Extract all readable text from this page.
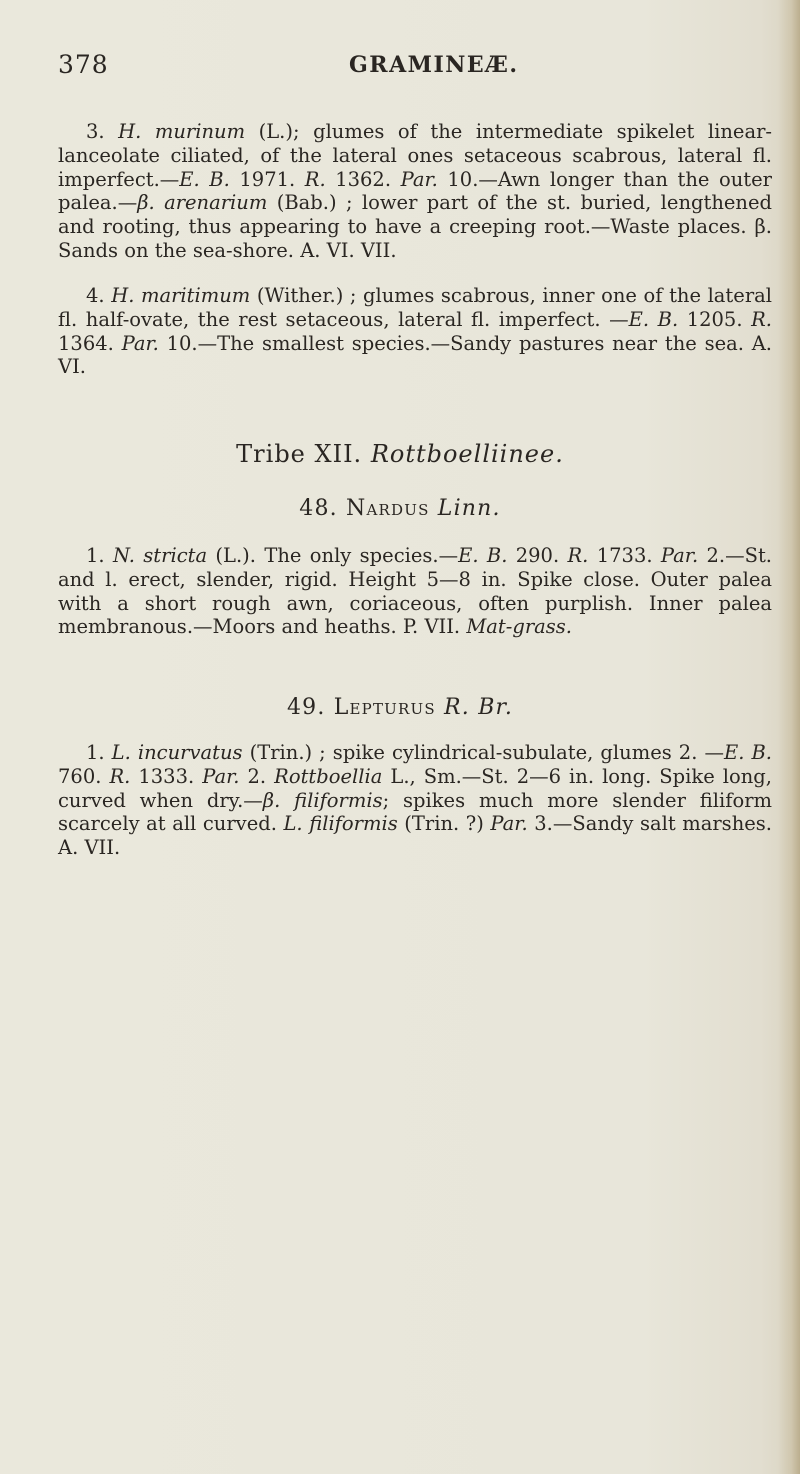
378	GRAMINEÆ.

3. H. murinum (L.); glumes of the intermediate spikelet linear-lanceolate ciliated, of the lateral ones setaceous scabrous, lateral fl. imperfect.—E. B. 1971. R. 1362. Par. 10.—Awn longer than the outer palea.—β. arenarium (Bab.) ; lower part of the st. buried, lengthened and rooting, thus appearing to have a creeping root.—Waste places. β. Sands on the sea-shore. A. VI. VII.

4. H. maritimum (Wither.) ; glumes scabrous, inner one of the lateral fl. half-ovate, the rest setaceous, lateral fl. imperfect. —E. B. 1205. R. 1364. Par. 10.—The smallest species.—Sandy pastures near the sea. A. VI.

Tribe XII. Rottboelliinee.
48. Nardus Linn.

1. N. stricta (L.). The only species.—E. B. 290. R. 1733. Par. 2.—St. and l. erect, slender, rigid. Height 5—8 in. Spike close. Outer palea with a short rough awn, coriaceous, often purplish. Inner palea membranous.—Moors and heaths. P. VII. Mat-grass.

49. Lepturus R. Br.

1. L. incurvatus (Trin.) ; spike cylindrical-subulate, glumes 2. —E. B. 760. R. 1333. Par. 2. Rottboellia L., Sm.—St. 2—6 in. long. Spike long, curved when dry.—β. filiformis; spikes much more slender filiform scarcely at all curved. L. filiformis (Trin. ?) Par. 3.—Sandy salt marshes. A. VII.
